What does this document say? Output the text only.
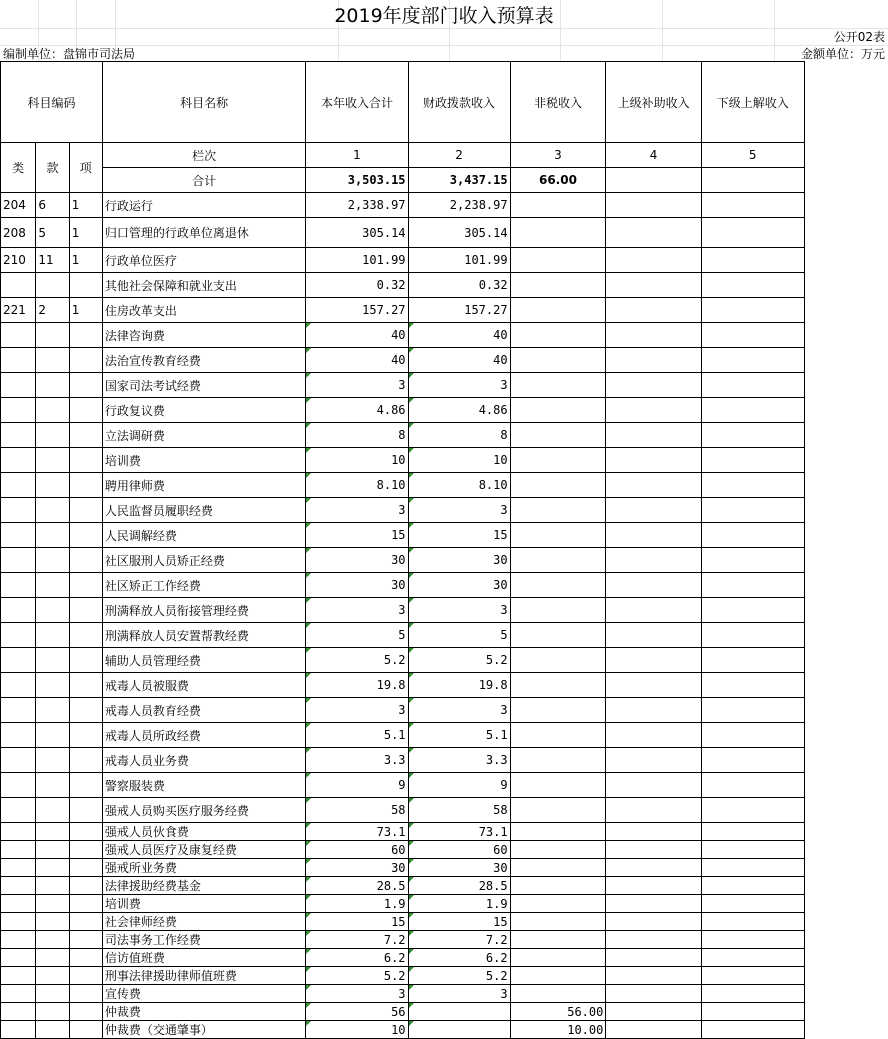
2019年度部门收入预算表
公开02表
编制单位：盘锦市司法局	金额单位：万元
科目编码			科目名称	本年收入合计	财政拨款收入	非税收入	上级补助收入	下级上解收入
类	款	项	栏次	1	2	3	4	5
			合计	3,503.15	3,437.15	66.00		
204	6	1	行政运行	2,338.97	2,238.97			
208	5	1	归口管理的行政单位离退休	305.14	305.14			
210	11	1	行政单位医疗	101.99	101.99			
			其他社会保障和就业支出	0.32	0.32			
221	2	1	住房改革支出	157.27	157.27			
			法律咨询费	40	40			
			法治宣传教育经费	40	40			
			国家司法考试经费	3	3			
			行政复议费	4.86	4.86			
			立法调研费	8	8			
			培训费	10	10			
			聘用律师费	8.10	8.10			
			人民监督员履职经费	3	3			
			人民调解经费	15	15			
			社区服刑人员矫正经费	30	30			
			社区矫正工作经费	30	30			
			刑满释放人员衔接管理经费	3	3			
			刑满释放人员安置帮教经费	5	5			
			辅助人员管理经费	5.2	5.2			
			戒毒人员被服费	19.8	19.8			
			戒毒人员教育经费	3	3			
			戒毒人员所政经费	5.1	5.1			
			戒毒人员业务费	3.3	3.3			
			警察服装费	9	9			
			强戒人员购买医疗服务经费	58	58			
			强戒人员伙食费	73.1	73.1			
			强戒人员医疗及康复经费	60	60			
			强戒所业务费	30	30			
			法律援助经费基金	28.5	28.5			
			培训费	1.9	1.9			
			社会律师经费	15	15			
			司法事务工作经费	7.2	7.2			
			信访值班费	6.2	6.2			
			刑事法律援助律师值班费	5.2	5.2			
			宣传费	3	3			
			仲裁费	56		56.00		
			仲裁费（交通肇事）	10		10.00		
